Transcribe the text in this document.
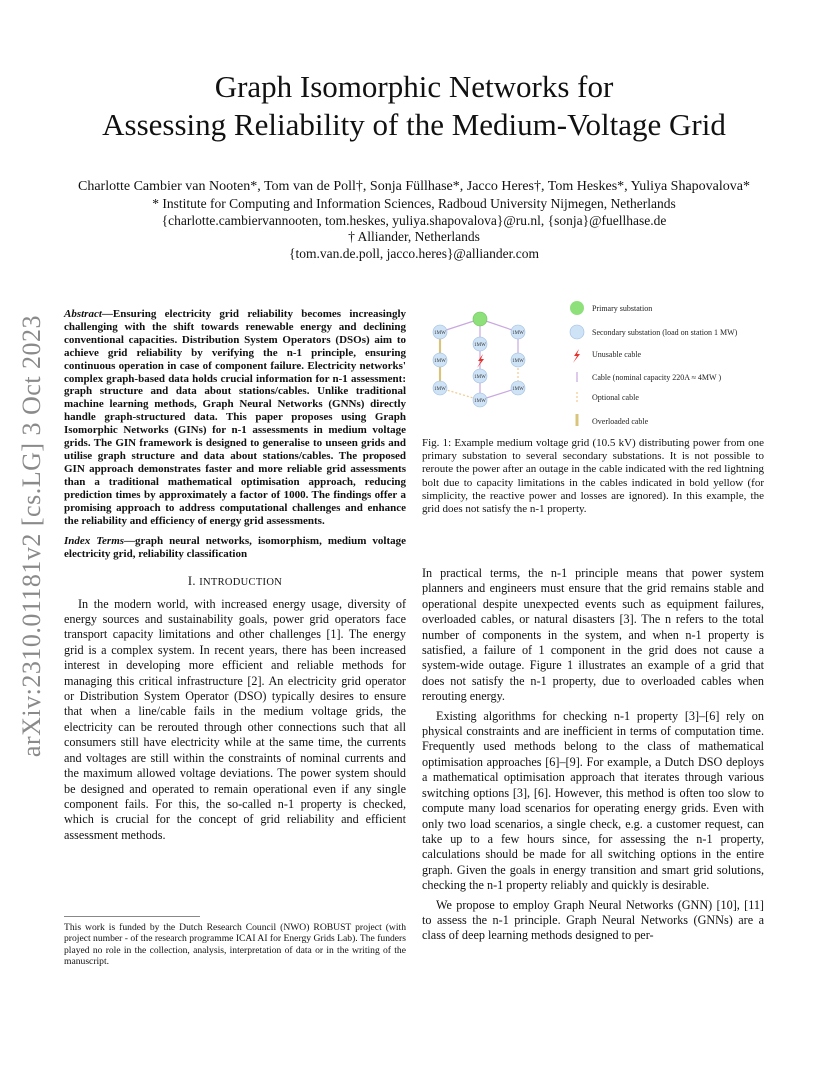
arXiv:2310.01181v2 [cs.LG] 3 Oct 2023
Graph Isomorphic Networks for
Assessing Reliability of the Medium-Voltage Grid
Charlotte Cambier van Nooten*, Tom van de Poll†, Sonja Füllhase*, Jacco Heres†, Tom Heskes*, Yuliya Shapovalova*
* Institute for Computing and Information Sciences, Radboud University Nijmegen, Netherlands
{charlotte.cambiervannooten, tom.heskes, yuliya.shapovalova}@ru.nl, {sonja}@fuellhase.de
† Alliander, Netherlands
{tom.van.de.poll, jacco.heres}@alliander.com

Abstract—Ensuring electricity grid reliability becomes increasingly challenging with the shift towards renewable energy and declining conventional capacities. Distribution System Operators (DSOs) aim to achieve grid reliability by verifying the n-1 principle, ensuring continuous operation in case of component failure. Electricity networks' complex graph-based data holds crucial information for n-1 assessment: graph structure and data about stations/cables. Unlike traditional machine learning methods, Graph Neural Networks (GNNs) directly handle graph-structured data. This paper proposes using Graph Isomorphic Networks (GINs) for n-1 assessments in medium voltage grids. The GIN framework is designed to generalise to unseen grids and utilise graph structure and data about stations/cables. The proposed GIN approach demonstrates faster and more reliable grid assessments than a traditional mathematical optimisation approach, reducing prediction times by approximately a factor of 1000. The findings offer a promising approach to address computational challenges and enhance the reliability and efficiency of energy grid assessments.

Index Terms—graph neural networks, isomorphism, medium voltage electricity grid, reliability classification

I. INTRODUCTION

In the modern world, with increased energy usage, diversity of energy sources and sustainability goals, power grid operators face transport capacity limitations and other challenges [1]. The energy grid is a complex system. In recent years, there has been increased interest in developing more efficient and reliable methods for managing this critical infrastructure [2]. An electricity grid operator or Distribution System Operator (DSO) typically desires to ensure that when a line/cable fails in the medium voltage grids, the electricity can be rerouted through other connections such that all consumers still have electricity while at the same time, the currents and voltages are still within the constraints of nominal currents and the maximum allowed voltage deviations. The power system should be designed and operated to remain operational even if any single component fails. For this, the so-called n-1 property is checked, which is crucial for the concept of grid reliability and efficient assessment methods.

This work is funded by the Dutch Research Council (NWO) ROBUST project (with project number - of the research programme ICAI AI for Energy Grids Lab). The funders played no role in the collection, analysis, interpretation of data or in the writing of the manuscript.
1MW	1MW
1MW
1MW	1MW
1MW
1MW	1MW
1MW
Primary substation
Secondary substation (load on station 1 MW)
Unusable cable
Cable (nominal capacity 220A ≈ 4MW )
Optional cable
Overloaded cable
Fig. 1: Example medium voltage grid (10.5 kV) distributing power from one primary substation to several secondary substations. It is not possible to reroute the power after an outage in the cable indicated with the red lightning bolt due to capacity limitations in the cables indicated in bold yellow (for simplicity, the reactive power and losses are ignored). In this example, the grid does not satisfy the n-1 property.

In practical terms, the n-1 principle means that power system planners and engineers must ensure that the grid remains stable and operational despite unexpected events such as equipment failures, overloaded cables, or natural disasters [3]. The n refers to the total number of components in the system, and when n-1 property is satisfied, a failure of 1 component in the grid does not cause a system-wide outage. Figure 1 illustrates an example of a grid that does not satisfy the n-1 property, due to overloaded cables when rerouting energy.

Existing algorithms for checking n-1 property [3]–[6] rely on physical constraints and are inefficient in terms of computation time. Frequently used methods belong to the class of mathematical optimisation approaches [6]–[9]. For example, a Dutch DSO deploys a mathematical optimisation approach that iterates through various switching options [3], [6]. However, this method is often too slow to compute many load scenarios for operating energy grids. Even with only two load scenarios, a single check, e.g. a customer request, can take up to a few hours since, for assessing the n-1 property, calculations should be made for all switching options in the entire graph. Given the goals in energy transition and smart grid solutions, checking the n-1 property reliably and quickly is desirable.

We propose to employ Graph Neural Networks (GNN) [10], [11] to assess the n-1 principle. Graph Neural Networks (GNNs) are a class of deep learning methods designed to per-
